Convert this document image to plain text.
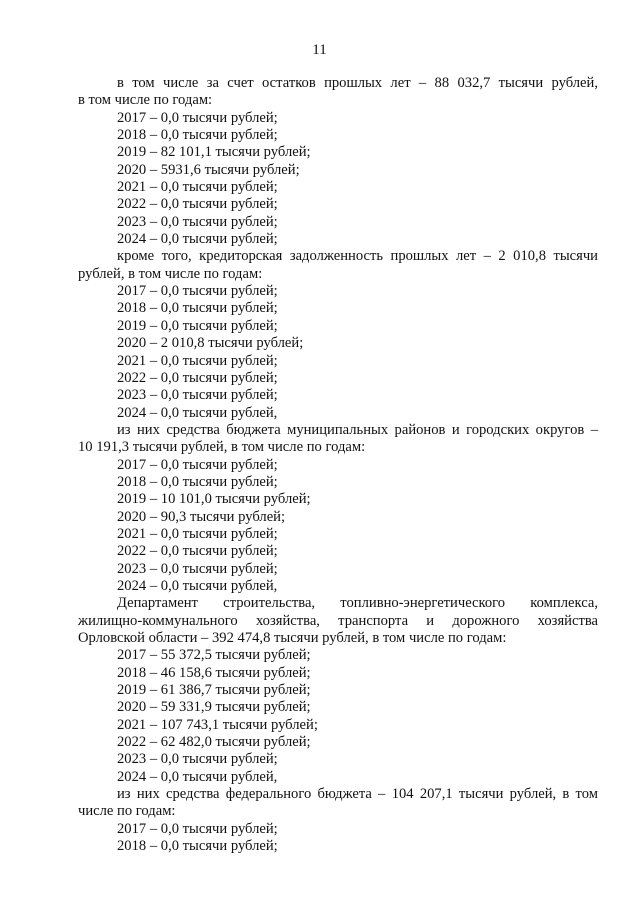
11
в том числе за счет остатков прошлых лет – 88 032,7 тысячи рублей,
в том числе по годам:
2017 – 0,0 тысячи рублей;
2018 – 0,0 тысячи рублей;
2019 – 82 101,1 тысячи рублей;
2020 – 5931,6 тысячи рублей;
2021 – 0,0 тысячи рублей;
2022 – 0,0 тысячи рублей;
2023 – 0,0 тысячи рублей;
2024 – 0,0 тысячи рублей;
кроме того, кредиторская задолженность прошлых лет – 2 010,8 тысячи
рублей, в том числе по годам:
2017 – 0,0 тысячи рублей;
2018 – 0,0 тысячи рублей;
2019 – 0,0 тысячи рублей;
2020 – 2 010,8 тысячи рублей;
2021 – 0,0 тысячи рублей;
2022 – 0,0 тысячи рублей;
2023 – 0,0 тысячи рублей;
2024 – 0,0 тысячи рублей,
из них средства бюджета муниципальных районов и городских округов –
10 191,3 тысячи рублей, в том числе по годам:
2017 – 0,0 тысячи рублей;
2018 – 0,0 тысячи рублей;
2019 – 10 101,0 тысячи рублей;
2020 – 90,3 тысячи рублей;
2021 – 0,0 тысячи рублей;
2022 – 0,0 тысячи рублей;
2023 – 0,0 тысячи рублей;
2024 – 0,0 тысячи рублей,
Департамент строительства, топливно-энергетического комплекса,
жилищно-коммунального хозяйства, транспорта и дорожного хозяйства
Орловской области – 392 474,8 тысячи рублей, в том числе по годам:
2017 – 55 372,5 тысячи рублей;
2018 – 46 158,6 тысячи рублей;
2019 – 61 386,7 тысячи рублей;
2020 – 59 331,9 тысячи рублей;
2021 – 107 743,1 тысячи рублей;
2022 – 62 482,0 тысячи рублей;
2023 – 0,0 тысячи рублей;
2024 – 0,0 тысячи рублей,
из них средства федерального бюджета – 104 207,1 тысячи рублей, в том
числе по годам:
2017 – 0,0 тысячи рублей;
2018 – 0,0 тысячи рублей;
